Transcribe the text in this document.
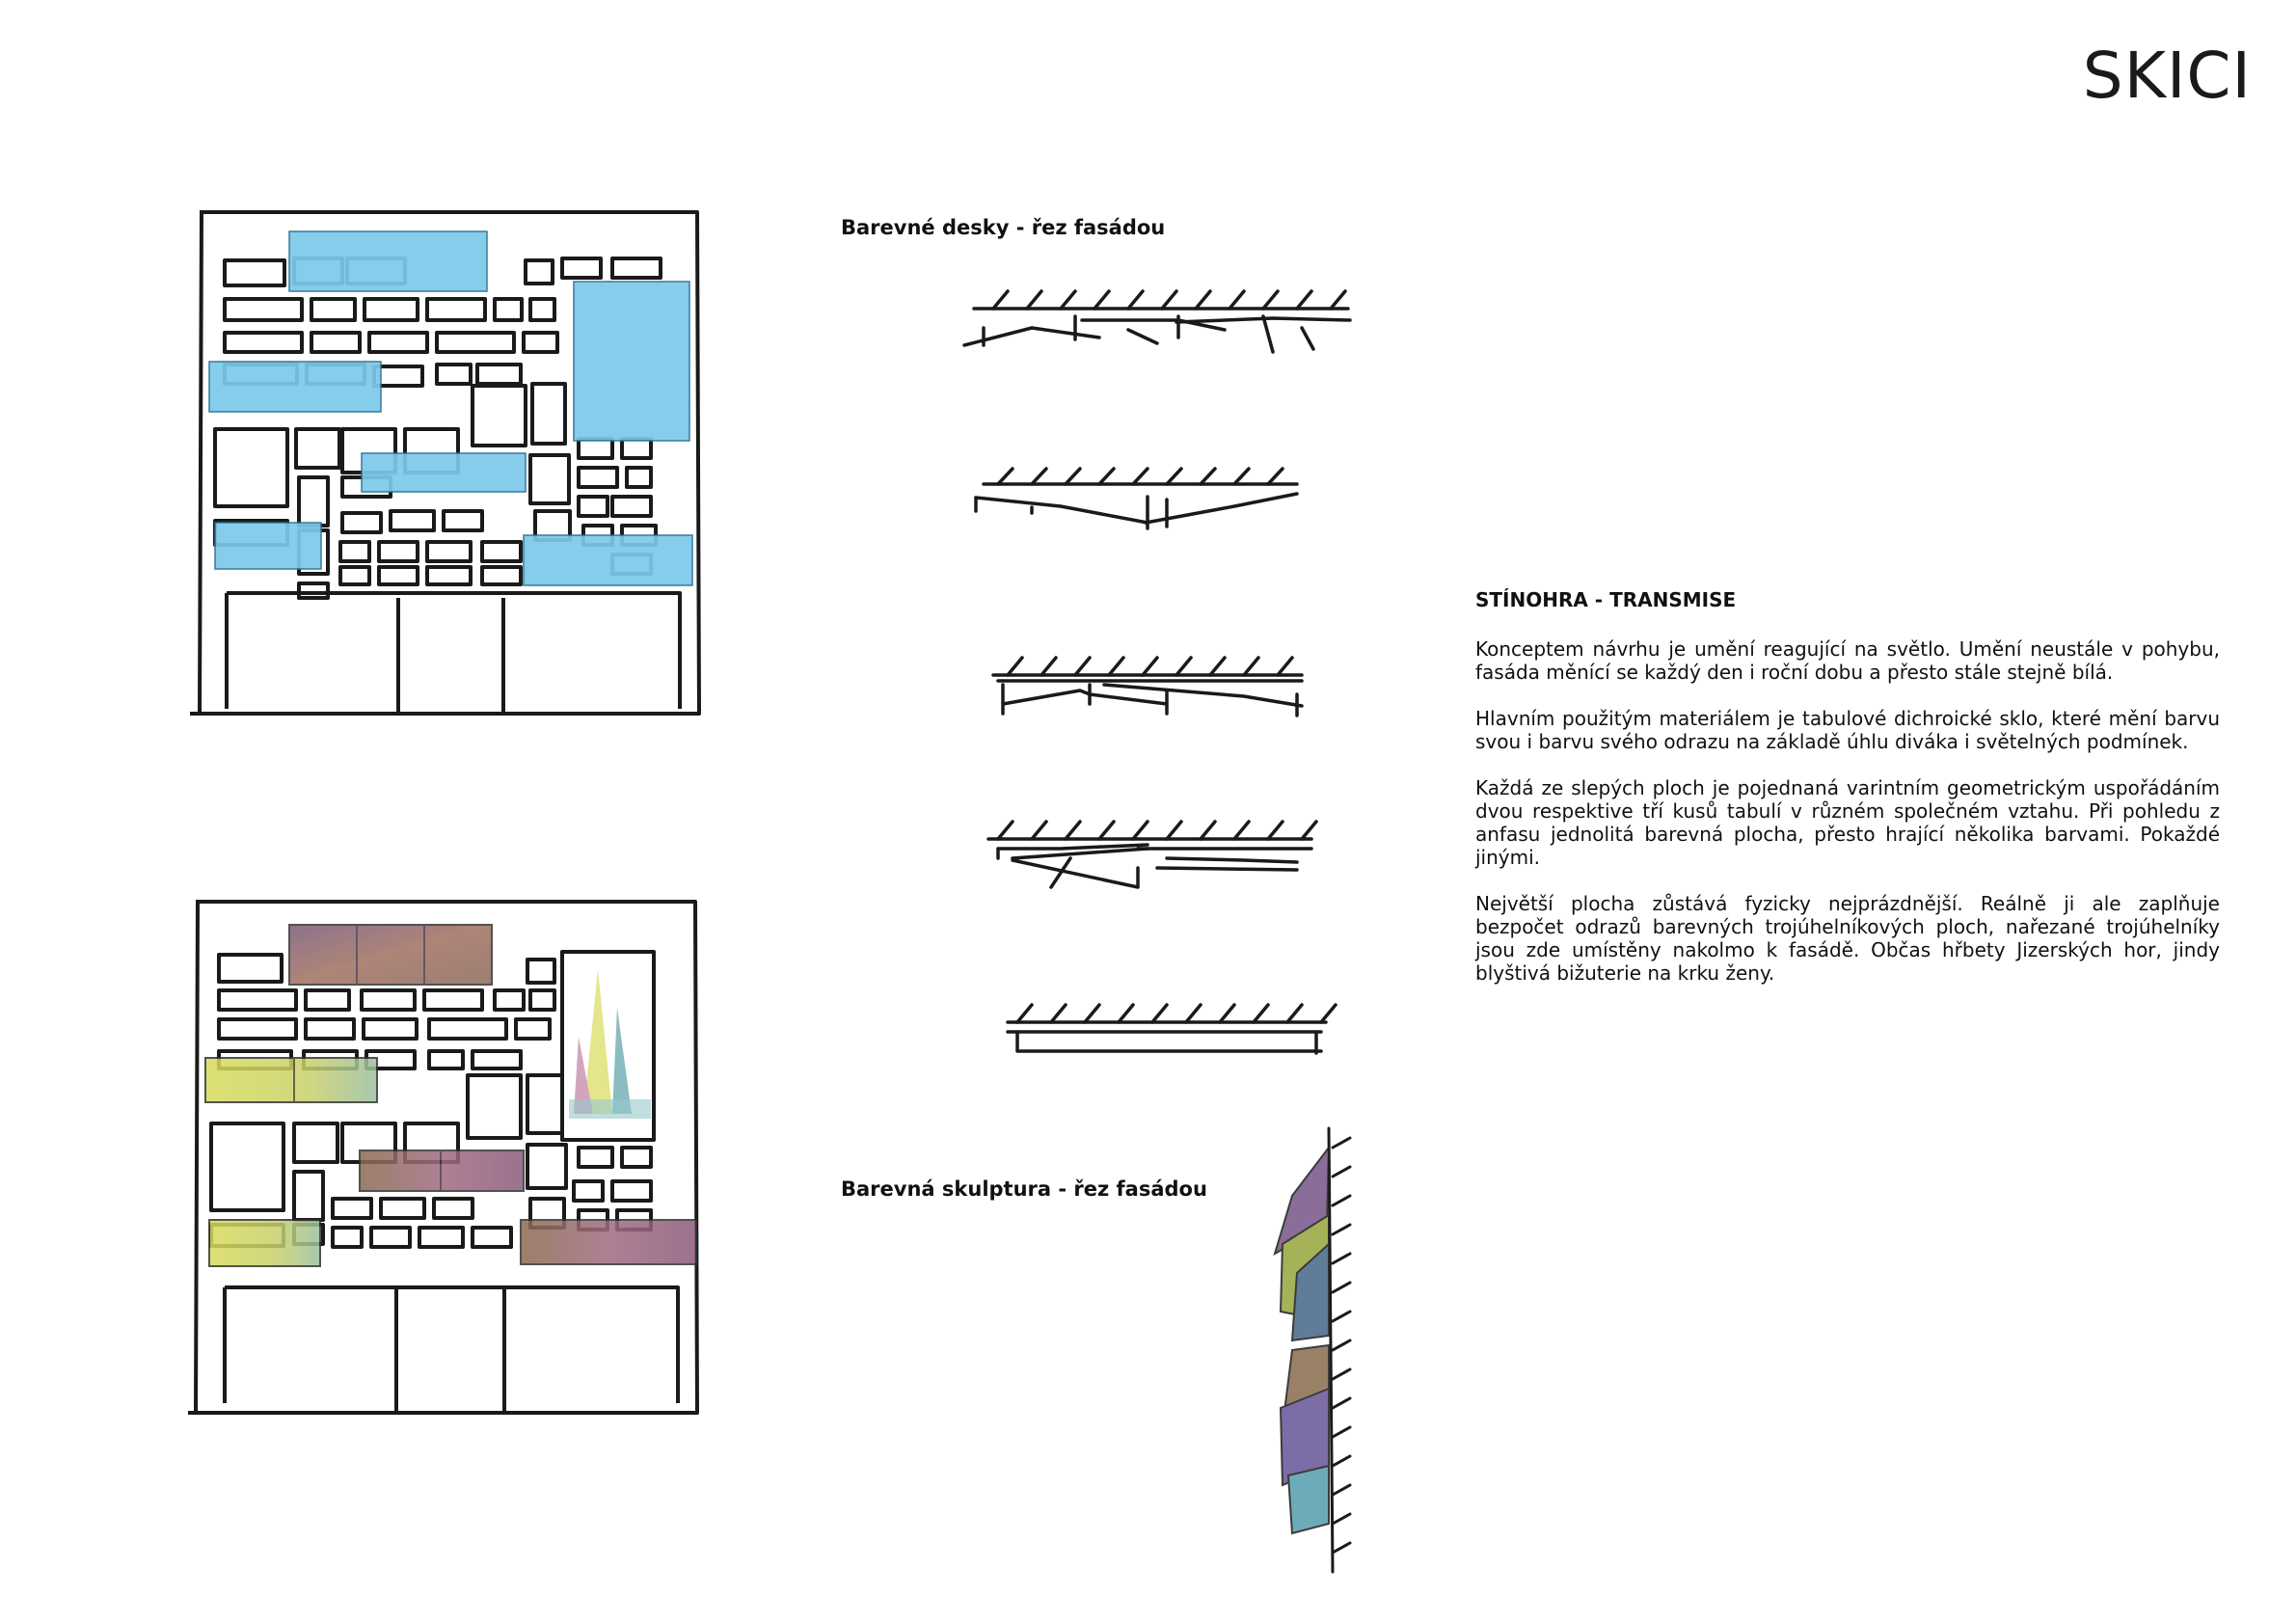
SKICI

Barevné desky - řez fasádou

Barevná skulptura - řez fasádou

STÍNOHRA - TRANSMISE

Konceptem návrhu je umění reagující na světlo. Umění neustále v pohybu, fasáda měnící se každý den i roční dobu a přesto stále stejně bílá.

Hlavním použitým materiálem je tabulové dichroické sklo, které mění barvu svou i barvu svého odrazu na základě úhlu diváka i světelných podmínek.

Každá ze slepých ploch je pojednaná varintním geometrickým uspořádáním dvou respektive tří kusů tabulí v různém společném vztahu. Při pohledu z anfasu jednolitá barevná plocha, přesto hrající několika barvami. Pokaždé jinými.

Největší plocha zůstává fyzicky nejprázdnější. Reálně ji ale zaplňuje bezpočet odrazů barevných trojúhelníkových ploch, nařezané trojúhelníky jsou zde umístěny nakolmo k fasádě. Občas hřbety Jizerských hor, jindy blyštivá bižuterie na krku ženy.
